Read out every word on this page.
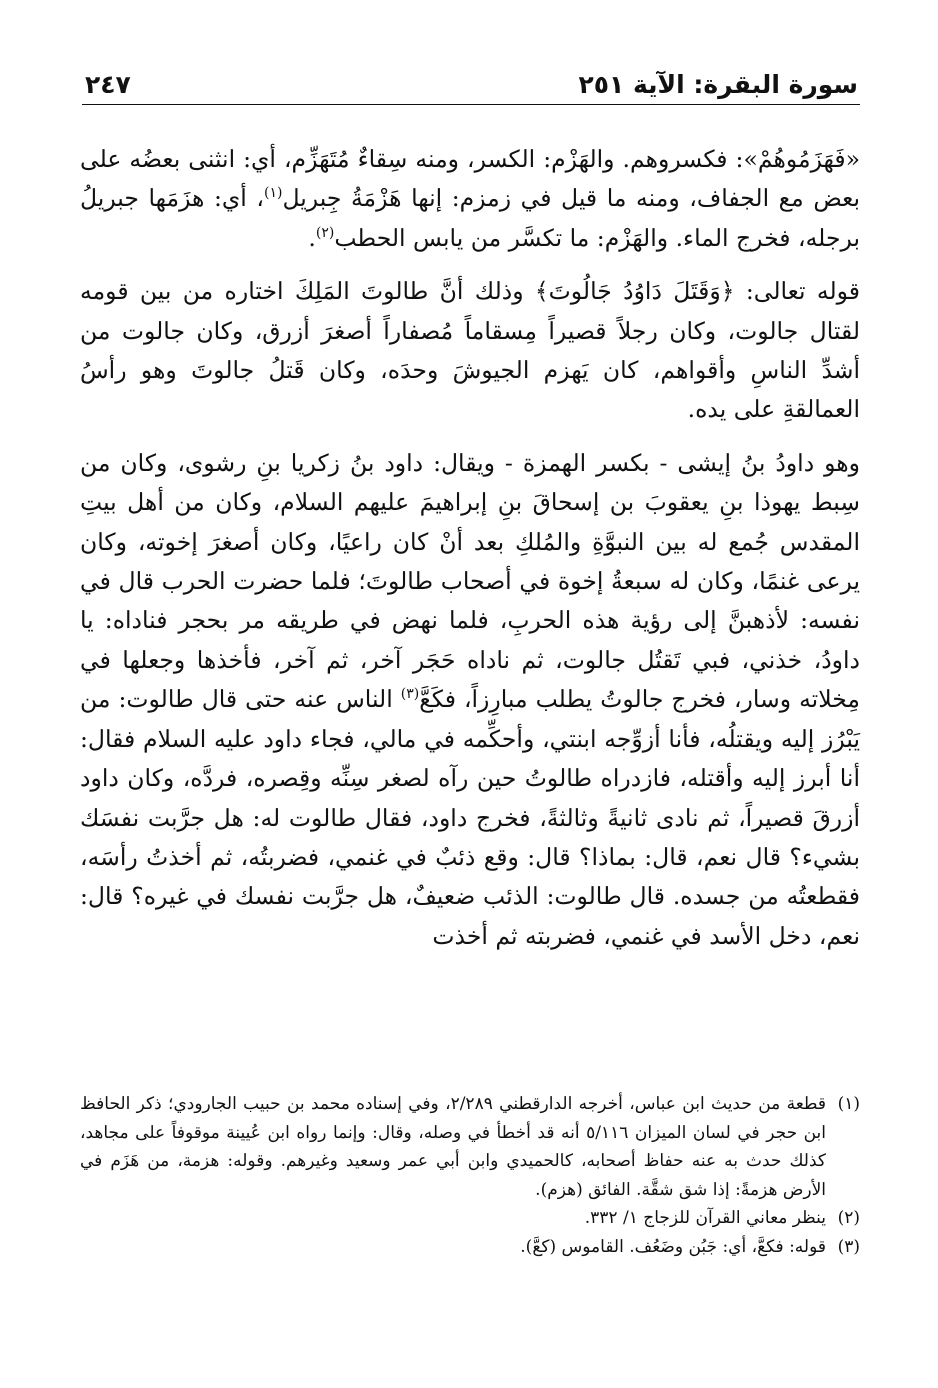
سورة البقرة: الآية ٢٥١
٢٤٧

«فَهَزَمُوهُمْ»: فكسروهم. والهَزْم: الكسر، ومنه سِقاءٌ مُتَهَزِّم، أي: انثنى بعضُه على بعض مع الجفاف، ومنه ما قيل في زمزم: إنها هَزْمَةُ جِبريل$^{(١)}$، أي: هزَمَها جبريلُ برجله، فخرج الماء. والهَزْم: ما تكسَّر من يابس الحطب$^{(٢)}$.

قوله تعالى: ﴿وَقَتَلَ دَاوُدُ جَالُوتَ﴾ وذلك أنَّ طالوتَ المَلِكَ اختاره من بين قومه لقتال جالوت، وكان رجلاً قصيراً مِسقاماً مُصفاراً أصغرَ أزرق، وكان جالوت من أشدِّ الناسِ وأقواهم، كان يَهزم الجيوشَ وحدَه، وكان قَتلُ جالوتَ وهو رأسُ العمالقةِ على يده.

وهو داودُ بنُ إيشى - بكسر الهمزة - ويقال: داود بنُ زكريا بنِ رشوى، وكان من سِبط يهوذا بنِ يعقوبَ بن إسحاقَ بنِ إبراهيمَ عليهم السلام، وكان من أهل بيتِ المقدس جُمع له بين النبوَّةِ والمُلكِ بعد أنْ كان راعيًا، وكان أصغرَ إخوته، وكان يرعى غنمًا، وكان له سبعةُ إخوة في أصحاب طالوتَ؛ فلما حضرت الحرب قال في نفسه: لأذهبنَّ إلى رؤية هذه الحربِ، فلما نهض في طريقه مر بحجر فناداه: يا داودُ، خذني، فبي تَقتُل جالوت، ثم ناداه حَجَر آخر، ثم آخر، فأخذها وجعلها في مِخلاته وسار، فخرج جالوتُ يطلب مبارِزاً، فكَعَّ$^{(٣)}$ الناس عنه حتى قال طالوت: من يَبْرُز إليه ويقتلُه، فأنا أزوِّجه ابنتي، وأحكِّمه في مالي، فجاء داود عليه السلام فقال: أنا أبرز إليه وأقتله، فازدراه طالوتُ حين رآه لصغر سِنِّه وقِصره، فردَّه، وكان داود أزرقَ قصيراً، ثم نادى ثانيةً وثالثةً، فخرج داود، فقال طالوت له: هل جرَّبت نفسَك بشيء؟ قال نعم، قال: بماذا؟ قال: وقع ذئبٌ في غنمي، فضربتُه، ثم أخذتُ رأسَه، فقطعتُه من جسده. قال طالوت: الذئب ضعيفٌ، هل جرَّبت نفسك في غيره؟ قال: نعم، دخل الأسد في غنمي، فضربته ثم أخذت

(١)
قطعة من حديث ابن عباس، أخرجه الدارقطني ٢/٢٨٩، وفي إسناده محمد بن حبيب الجارودي؛ ذكر الحافظ ابن حجر في لسان الميزان ٥/١١٦ أنه قد أخطأ في وصله، وقال: وإنما رواه ابن عُيينة موقوفاً على مجاهد، كذلك حدث به عنه حفاظ أصحابه، كالحميدي وابن أبي عمر وسعيد وغيرهم. وقوله: هزمة، من هَزَم في الأرض هزمةً: إذا شق شقَّة. الفائق (هزم).
(٢)
ينظر معاني القرآن للزجاج ١/ ٣٣٢.
(٣)
قوله: فكعَّ، أي: جَبُن وضَعُف. القاموس (كعَّ).
